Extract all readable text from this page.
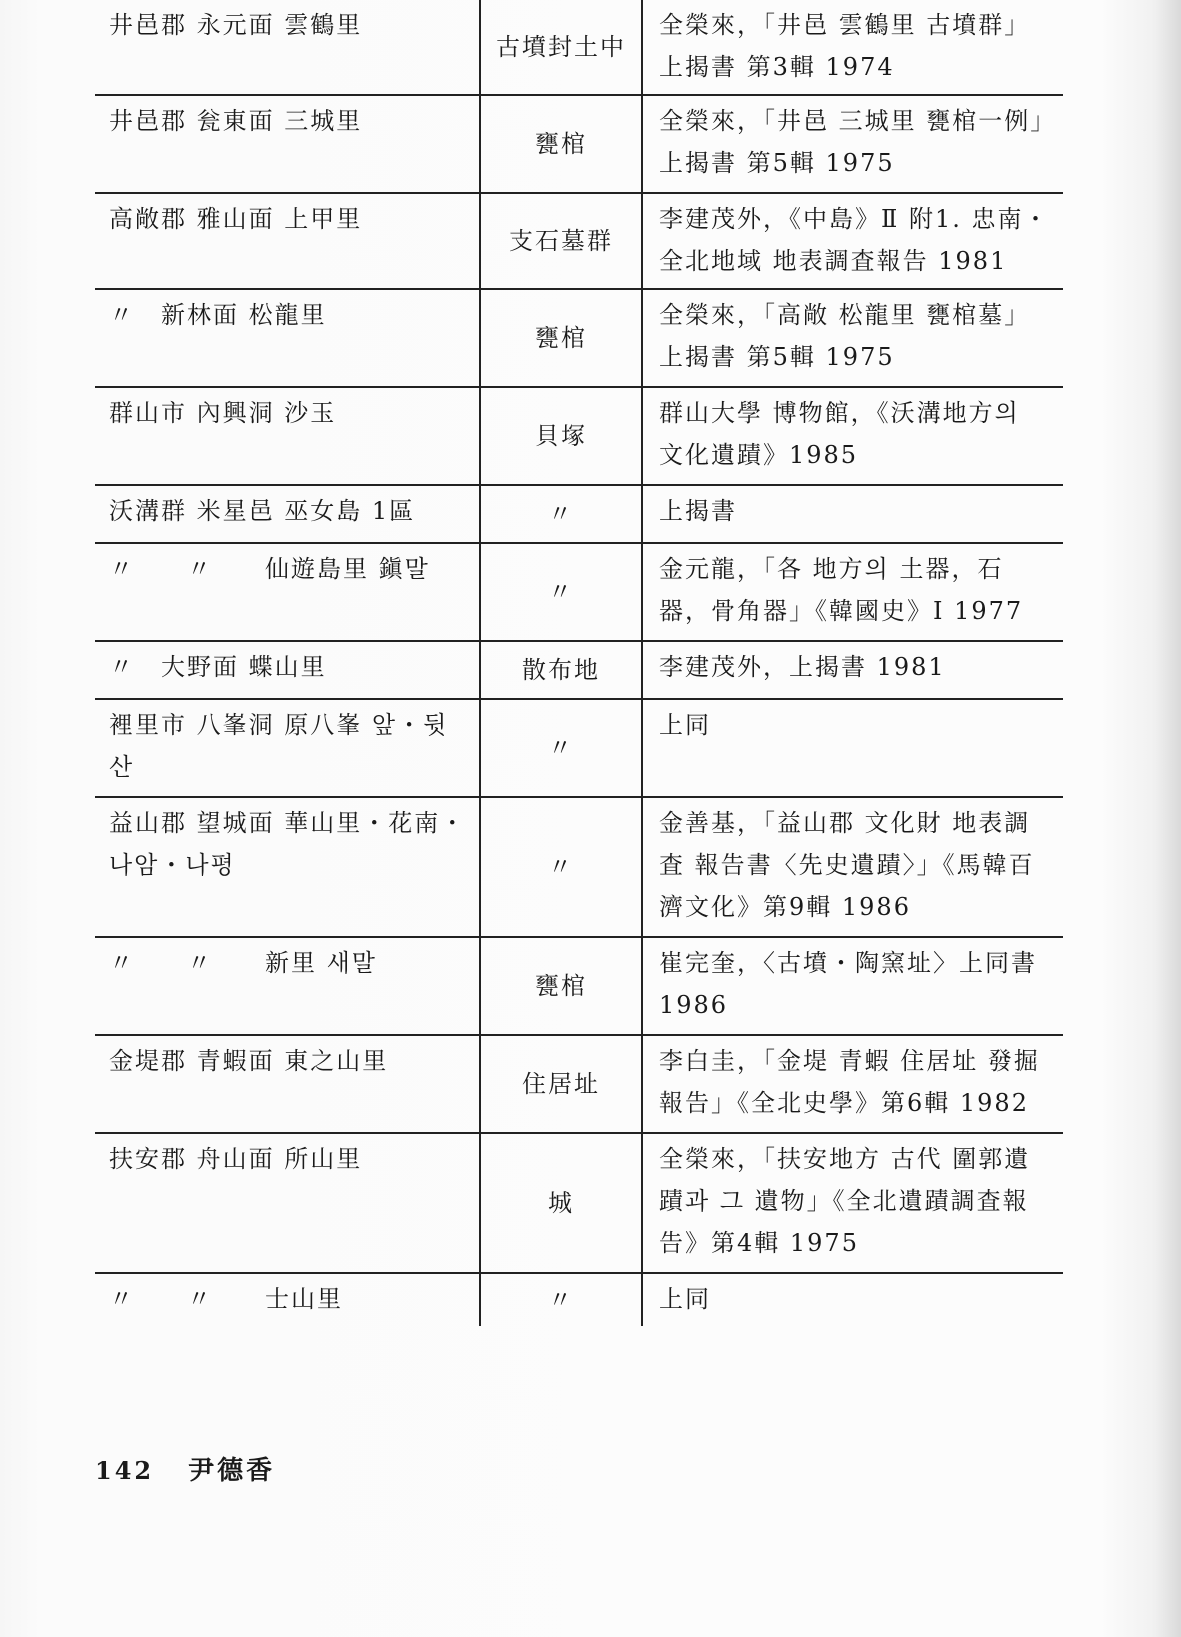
井邑郡 永元面 雲鶴里	古墳封土中	全榮來，「井邑 雲鶴里 古墳群」上揭書 第3輯 1974
井邑郡 瓮東面 三城里	甕棺	全榮來，「井邑 三城里 甕棺一例」上揭書 第5輯 1975
高敞郡 雅山面 上甲里	支石墓群	李建茂外，《中島》Ⅱ 附1. 忠南・全北地域 地表調査報告 1981
〃　新林面 松龍里	甕棺	全榮來，「高敞 松龍里 甕棺墓」上揭書 第5輯 1975
群山市 內興洞 沙玉	貝塚	群山大學 博物館，《沃溝地方의 文化遺蹟》1985
沃溝群 米星邑 巫女島 1區	〃	上揭書
〃　　〃　　仙遊島里 鎭말	〃	金元龍，「各 地方의 土器，石器，骨角器」《韓國史》Ⅰ 1977
〃　大野面 蝶山里	散布地	李建茂外，上揭書 1981
裡里市 八峯洞 原八峯 앞・뒷산	〃	上同
益山郡 望城面 華山里・花南・나암・나평	〃	金善基，「益山郡 文化財 地表調査 報告書〈先史遺蹟〉」《馬韓百濟文化》第9輯 1986
〃　　〃　　新里 새말	甕棺	崔完奎，〈古墳・陶窯址〉上同書 1986
金堤郡 青蝦面 東之山里	住居址	李白圭，「金堤 青蝦 住居址 發掘報告」《全北史學》第6輯 1982
扶安郡 舟山面 所山里	城	全榮來，「扶安地方 古代 圍郭遺蹟과 그 遺物」《全北遺蹟調査報告》第4輯 1975
〃　　〃　　士山里	〃	上同
142 尹德香
